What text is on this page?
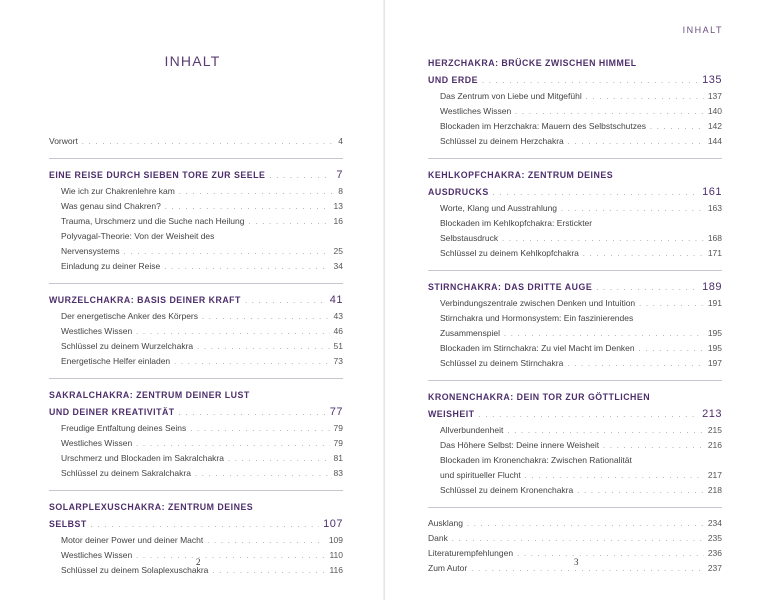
INHALT
Vorwort . . .	4
EINE REISE DURCH SIEBEN TORE ZUR SEELE . . .	7
Wie ich zur Chakrenlehre kam . . .	8
Was genau sind Chakren? . . .	13
Trauma, Urschmerz und die Suche nach Heilung . . .	16
Polyvagal-Theorie: Von der Weisheit des
Nervensystems . . .	25
Einladung zu deiner Reise . . .	34
WURZELCHAKRA: BASIS DEINER KRAFT . . .	41
Der energetische Anker des Körpers . . .	43
Westliches Wissen . . .	46
Schlüssel zu deinem Wurzelchakra . . .	51
Energetische Helfer einladen . . .	73
SAKRALCHAKRA: ZENTRUM DEINER LUST
UND DEINER KREATIVITÄT . . .	77
Freudige Entfaltung deines Seins . . .	79
Westliches Wissen . . .	79
Urschmerz und Blockaden im Sakralchakra . . .	81
Schlüssel zu deinem Sakralchakra . . .	83
SOLARPLEXUSCHAKRA: ZENTRUM DEINES
SELBST . . .	107
Motor deiner Power und deiner Macht . . .	109
Westliches Wissen . . .	110
Schlüssel zu deinem Solaplexuschakra . . .	116
2
INHALT
3
HERZCHAKRA: BRÜCKE ZWISCHEN HIMMEL
UND ERDE . . .	135
Das Zentrum von Liebe und Mitgefühl . . .	137
Westliches Wissen . . .	140
Blockaden im Herzchakra: Mauern des Selbstschutzes . . .	142
Schlüssel zu deinem Herzchakra . . .	144
KEHLKOPFCHAKRA: ZENTRUM DEINES
AUSDRUCKS . . .	161
Worte, Klang und Ausstrahlung . . .	163
Blockaden im Kehlkopfchakra: Erstickter
Selbstausdruck . . .	168
Schlüssel zu deinem Kehlkopfchakra . . .	171
STIRNCHAKRA: DAS DRITTE AUGE . . .	189
Verbindungszentrale zwischen Denken und Intuition . . .	191
Stirnchakra und Hormonsystem: Ein faszinierendes
Zusammenspiel . . .	195
Blockaden im Stirnchakra: Zu viel Macht im Denken . . .	195
Schlüssel zu deinem Stirnchakra . . .	197
KRONENCHAKRA: DEIN TOR ZUR GÖTTLICHEN
WEISHEIT . . .	213
Allverbundenheit . . .	215
Das Höhere Selbst: Deine innere Weisheit . . .	216
Blockaden im Kronenchakra: Zwischen Rationalität
und spiritueller Flucht . . .	217
Schlüssel zu deinem Kronenchakra . . .	218
Ausklang . . .	234
Dank . . .	235
Literaturempfehlungen . . .	236
Zum Autor . . .	237
